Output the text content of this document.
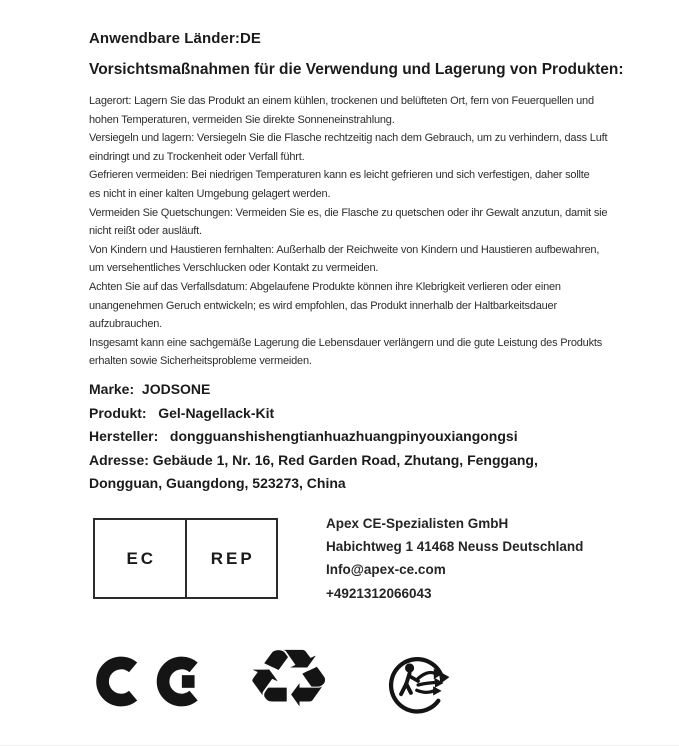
Anwendbare Länder:DE
Vorsichtsmaßnahmen für die Verwendung und Lagerung von Produkten:
Lagerort: Lagern Sie das Produkt an einem kühlen, trockenen und belüfteten Ort, fern von Feuerquellen und
hohen Temperaturen, vermeiden Sie direkte Sonneneinstrahlung.
Versiegeln und lagern: Versiegeln Sie die Flasche rechtzeitig nach dem Gebrauch, um zu verhindern, dass Luft
eindringt und zu Trockenheit oder Verfall führt.
Gefrieren vermeiden: Bei niedrigen Temperaturen kann es leicht gefrieren und sich verfestigen, daher sollte
es nicht in einer kalten Umgebung gelagert werden.
Vermeiden Sie Quetschungen: Vermeiden Sie es, die Flasche zu quetschen oder ihr Gewalt anzutun, damit sie
nicht reißt oder ausläuft.
Von Kindern und Haustieren fernhalten: Außerhalb der Reichweite von Kindern und Haustieren aufbewahren,
um versehentliches Verschlucken oder Kontakt zu vermeiden.
Achten Sie auf das Verfallsdatum: Abgelaufene Produkte können ihre Klebrigkeit verlieren oder einen
unangenehmen Geruch entwickeln; es wird empfohlen, das Produkt innerhalb der Haltbarkeitsdauer
aufzubrauchen.
Insgesamt kann eine sachgemäße Lagerung die Lebensdauer verlängern und die gute Leistung des Produkts
erhalten sowie Sicherheitsprobleme vermeiden.
Marke:  JODSONE
Produkt:   Gel-Nagellack-Kit
Hersteller:   dongguanshishengtianhuazhuangpinyouxiangongsi
Adresse: Gebäude 1, Nr. 16, Red Garden Road, Zhutang, Fenggang,
Dongguan, Guangdong, 523273, China
EC	REP
Apex CE-Spezialisten GmbH
Habichtweg 1 41468 Neuss Deutschland
Info@apex-ce.com
+4921312066043
♻
